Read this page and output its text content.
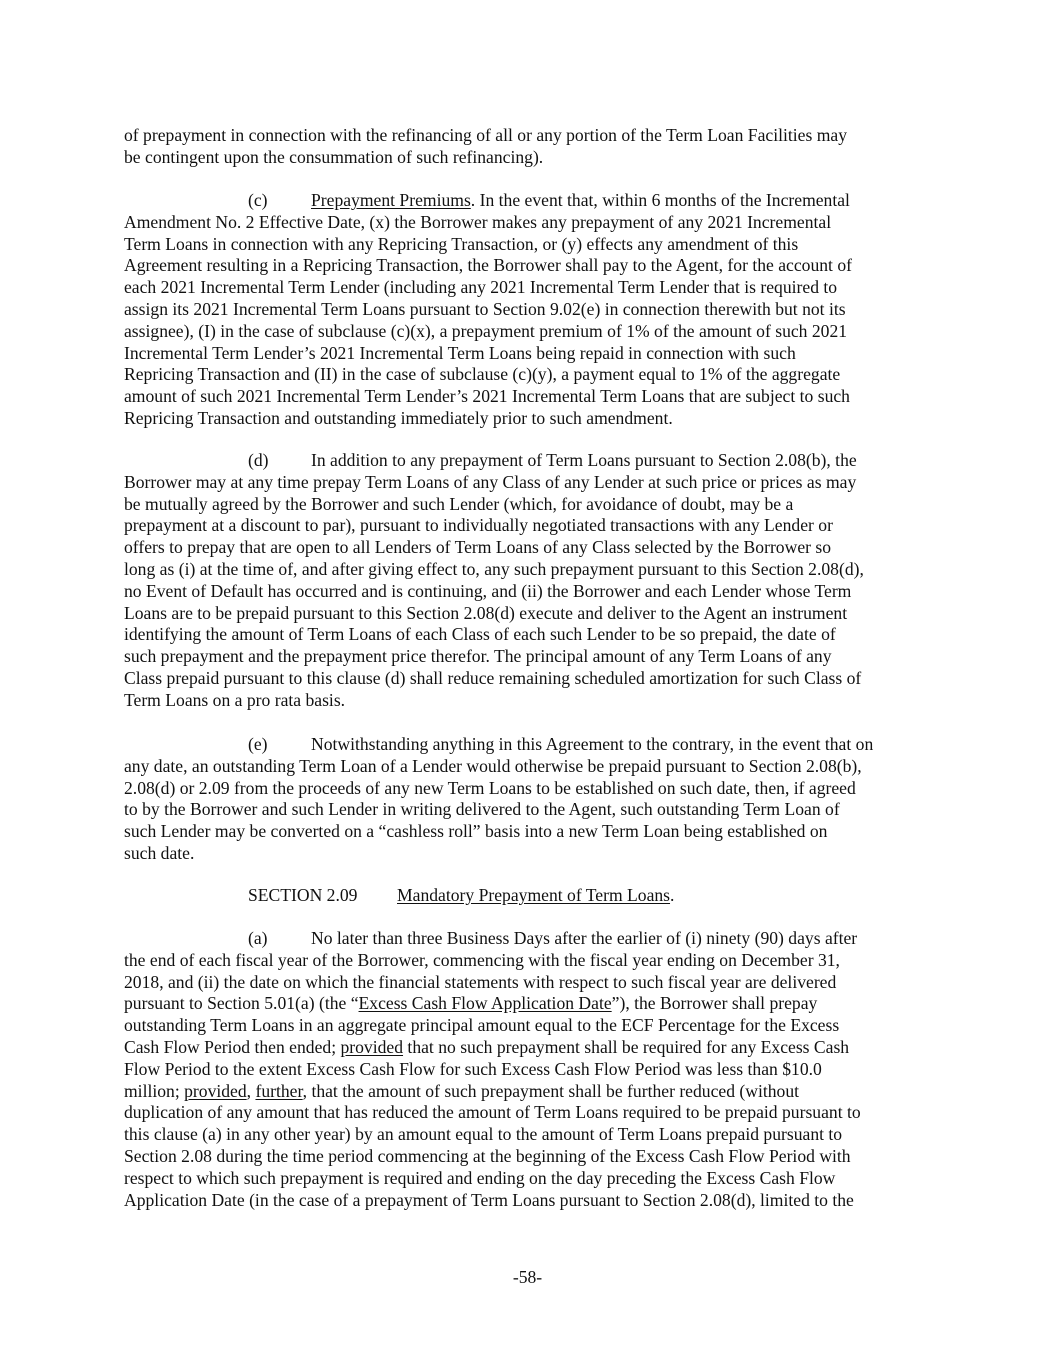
of prepayment in connection with the refinancing of all or any portion of the Term Loan Facilities may
be contingent upon the consummation of such refinancing).
(c) Prepayment Premiums. In the event that, within 6 months of the Incremental
Amendment No. 2 Effective Date, (x) the Borrower makes any prepayment of any 2021 Incremental
Term Loans in connection with any Repricing Transaction, or (y) effects any amendment of this
Agreement resulting in a Repricing Transaction, the Borrower shall pay to the Agent, for the account of
each 2021 Incremental Term Lender (including any 2021 Incremental Term Lender that is required to
assign its 2021 Incremental Term Loans pursuant to Section 9.02(e) in connection therewith but not its
assignee), (I) in the case of subclause (c)(x), a prepayment premium of 1% of the amount of such 2021
Incremental Term Lender’s 2021 Incremental Term Loans being repaid in connection with such
Repricing Transaction and (II) in the case of subclause (c)(y), a payment equal to 1% of the aggregate
amount of such 2021 Incremental Term Lender’s 2021 Incremental Term Loans that are subject to such
Repricing Transaction and outstanding immediately prior to such amendment.
(d) In addition to any prepayment of Term Loans pursuant to Section 2.08(b), the
Borrower may at any time prepay Term Loans of any Class of any Lender at such price or prices as may
be mutually agreed by the Borrower and such Lender (which, for avoidance of doubt, may be a
prepayment at a discount to par), pursuant to individually negotiated transactions with any Lender or
offers to prepay that are open to all Lenders of Term Loans of any Class selected by the Borrower so
long as (i) at the time of, and after giving effect to, any such prepayment pursuant to this Section 2.08(d),
no Event of Default has occurred and is continuing, and (ii) the Borrower and each Lender whose Term
Loans are to be prepaid pursuant to this Section 2.08(d) execute and deliver to the Agent an instrument
identifying the amount of Term Loans of each Class of each such Lender to be so prepaid, the date of
such prepayment and the prepayment price therefor. The principal amount of any Term Loans of any
Class prepaid pursuant to this clause (d) shall reduce remaining scheduled amortization for such Class of
Term Loans on a pro rata basis.
(e) Notwithstanding anything in this Agreement to the contrary, in the event that on
any date, an outstanding Term Loan of a Lender would otherwise be prepaid pursuant to Section 2.08(b),
2.08(d) or 2.09 from the proceeds of any new Term Loans to be established on such date, then, if agreed
to by the Borrower and such Lender in writing delivered to the Agent, such outstanding Term Loan of
such Lender may be converted on a “cashless roll” basis into a new Term Loan being established on
such date.
SECTION 2.09 Mandatory Prepayment of Term Loans.
(a) No later than three Business Days after the earlier of (i) ninety (90) days after
the end of each fiscal year of the Borrower, commencing with the fiscal year ending on December 31,
2018, and (ii) the date on which the financial statements with respect to such fiscal year are delivered
pursuant to Section 5.01(a) (the “Excess Cash Flow Application Date”), the Borrower shall prepay
outstanding Term Loans in an aggregate principal amount equal to the ECF Percentage for the Excess
Cash Flow Period then ended; provided that no such prepayment shall be required for any Excess Cash
Flow Period to the extent Excess Cash Flow for such Excess Cash Flow Period was less than $10.0
million; provided, further, that the amount of such prepayment shall be further reduced (without
duplication of any amount that has reduced the amount of Term Loans required to be prepaid pursuant to
this clause (a) in any other year) by an amount equal to the amount of Term Loans prepaid pursuant to
Section 2.08 during the time period commencing at the beginning of the Excess Cash Flow Period with
respect to which such prepayment is required and ending on the day preceding the Excess Cash Flow
Application Date (in the case of a prepayment of Term Loans pursuant to Section 2.08(d), limited to the
-58-
